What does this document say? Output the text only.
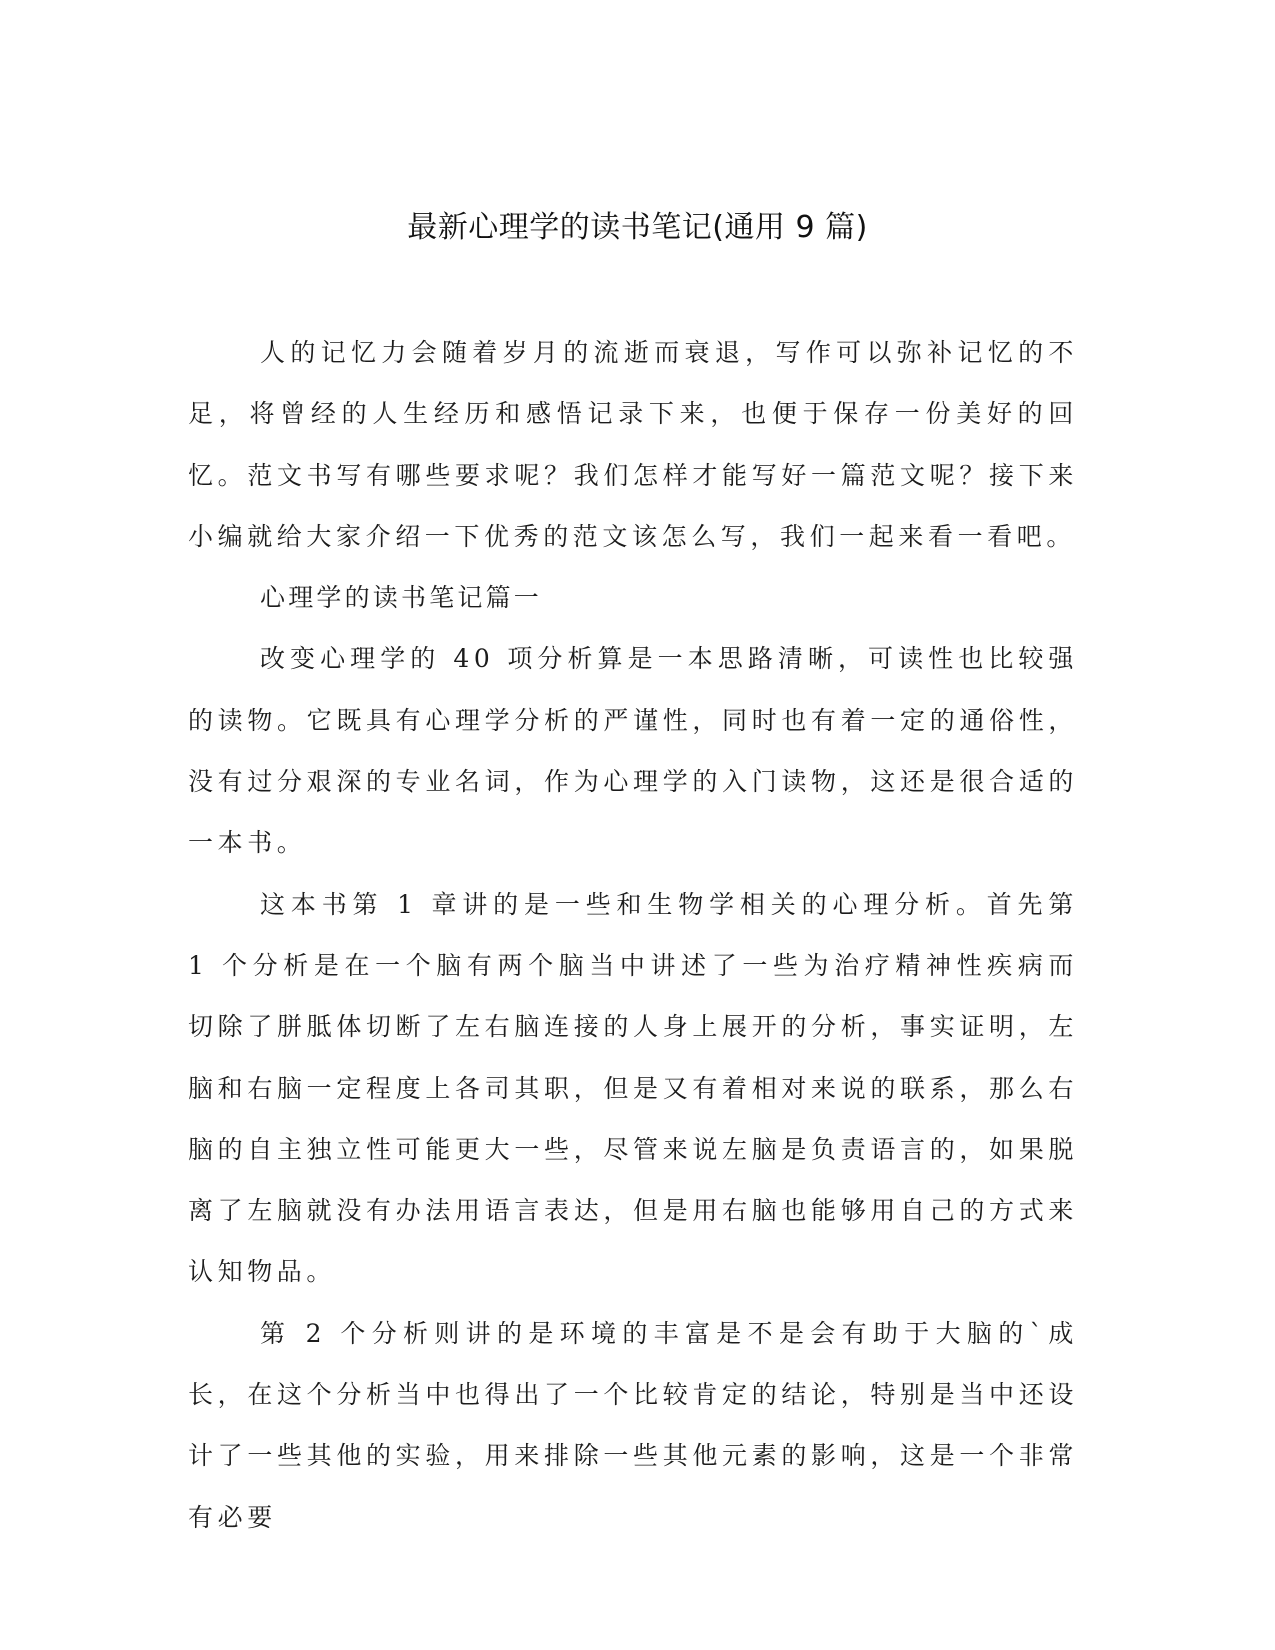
最新心理学的读书笔记(通用 9 篇)

人的记忆力会随着岁月的流逝而衰退，写作可以弥补记忆的不足，将曾经的人生经历和感悟记录下来，也便于保存一份美好的回忆。范文书写有哪些要求呢？我们怎样才能写好一篇范文呢？接下来小编就给大家介绍一下优秀的范文该怎么写，我们一起来看一看吧。

心理学的读书笔记篇一

改变心理学的 40 项分析算是一本思路清晰，可读性也比较强的读物。它既具有心理学分析的严谨性，同时也有着一定的通俗性，没有过分艰深的专业名词，作为心理学的入门读物，这还是很合适的一本书。

这本书第 1 章讲的是一些和生物学相关的心理分析。首先第 1 个分析是在一个脑有两个脑当中讲述了一些为治疗精神性疾病而切除了胼胝体切断了左右脑连接的人身上展开的分析，事实证明，左脑和右脑一定程度上各司其职，但是又有着相对来说的联系，那么右脑的自主独立性可能更大一些，尽管来说左脑是负责语言的，如果脱离了左脑就没有办法用语言表达，但是用右脑也能够用自己的方式来认知物品。

第 2 个分析则讲的是环境的丰富是不是会有助于大脑的`成长，在这个分析当中也得出了一个比较肯定的结论，特别是当中还设计了一些其他的实验，用来排除一些其他元素的影响，这是一个非常有必要
